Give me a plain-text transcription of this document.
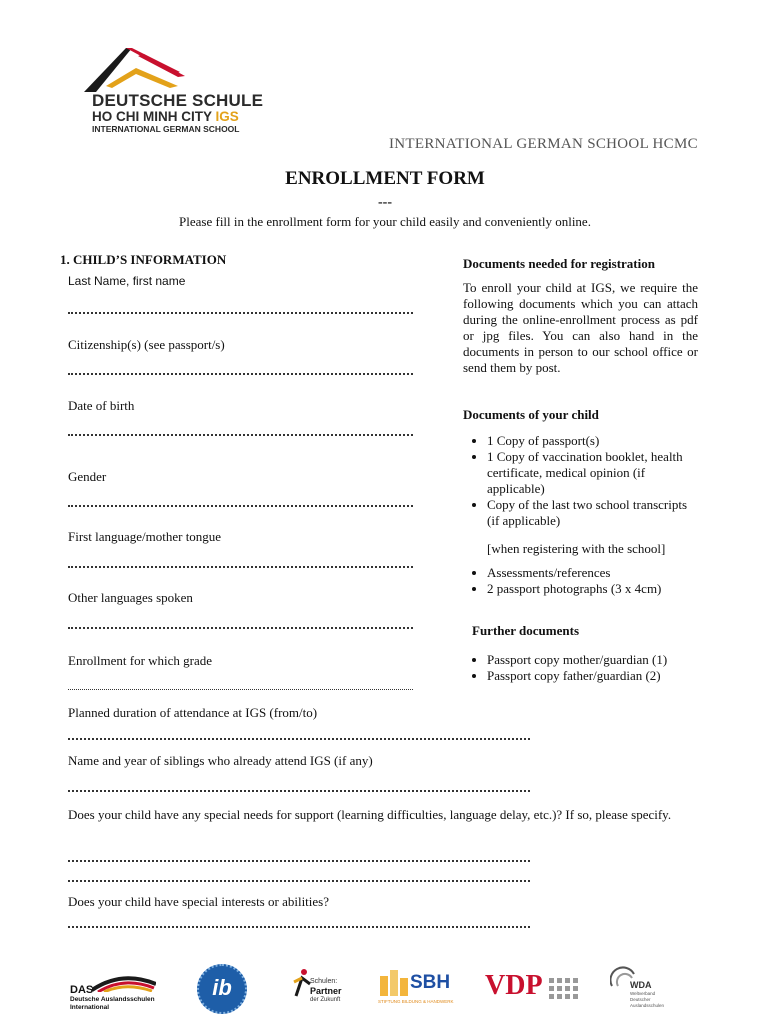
DEUTSCHE SCHULE
HO CHI MINH CITY IGS
INTERNATIONAL GERMAN SCHOOL
INTERNATIONAL GERMAN SCHOOL HCMC
ENROLLMENT FORM
---
Please fill in the enrollment form for your child easily and conveniently online.
1. CHILD’S INFORMATION
Last Name, first name
Citizenship(s) (see passport/s)
Date of birth
Gender
First language/mother tongue
Other languages spoken
Enrollment for which grade
Planned duration of attendance at IGS (from/to)
Name and year of siblings who already attend IGS (if any)
Does your child have any special needs for support (learning difficulties, language delay, etc.)? If so, please specify.
Does your child have special interests or abilities?
Documents needed for registration
To enroll your child at IGS, we require the following documents which you can attach during the online-enrollment process as pdf or jpg files. You can also hand in the documents in person to our school office or send them by post.
Documents of your child
• 1 Copy of passport(s)
• 1 Copy of vaccination booklet, health certificate, medical opinion (if applicable)
• Copy of the last two school transcripts (if applicable)
[when registering with the school]
• Assessments/references
• 2 passport photographs (3 x 4cm)
Further documents
• Passport copy mother/guardian (1)
• Passport copy father/guardian (2)
DAS
Deutsche Auslandsschulen
International
ib	Schulen:
Partner
der Zukunft
SBH
STIFTUNG BILDUNG & HANDWERK
VDP	WDA
Weltverband
Deutscher
Auslandsschulen
